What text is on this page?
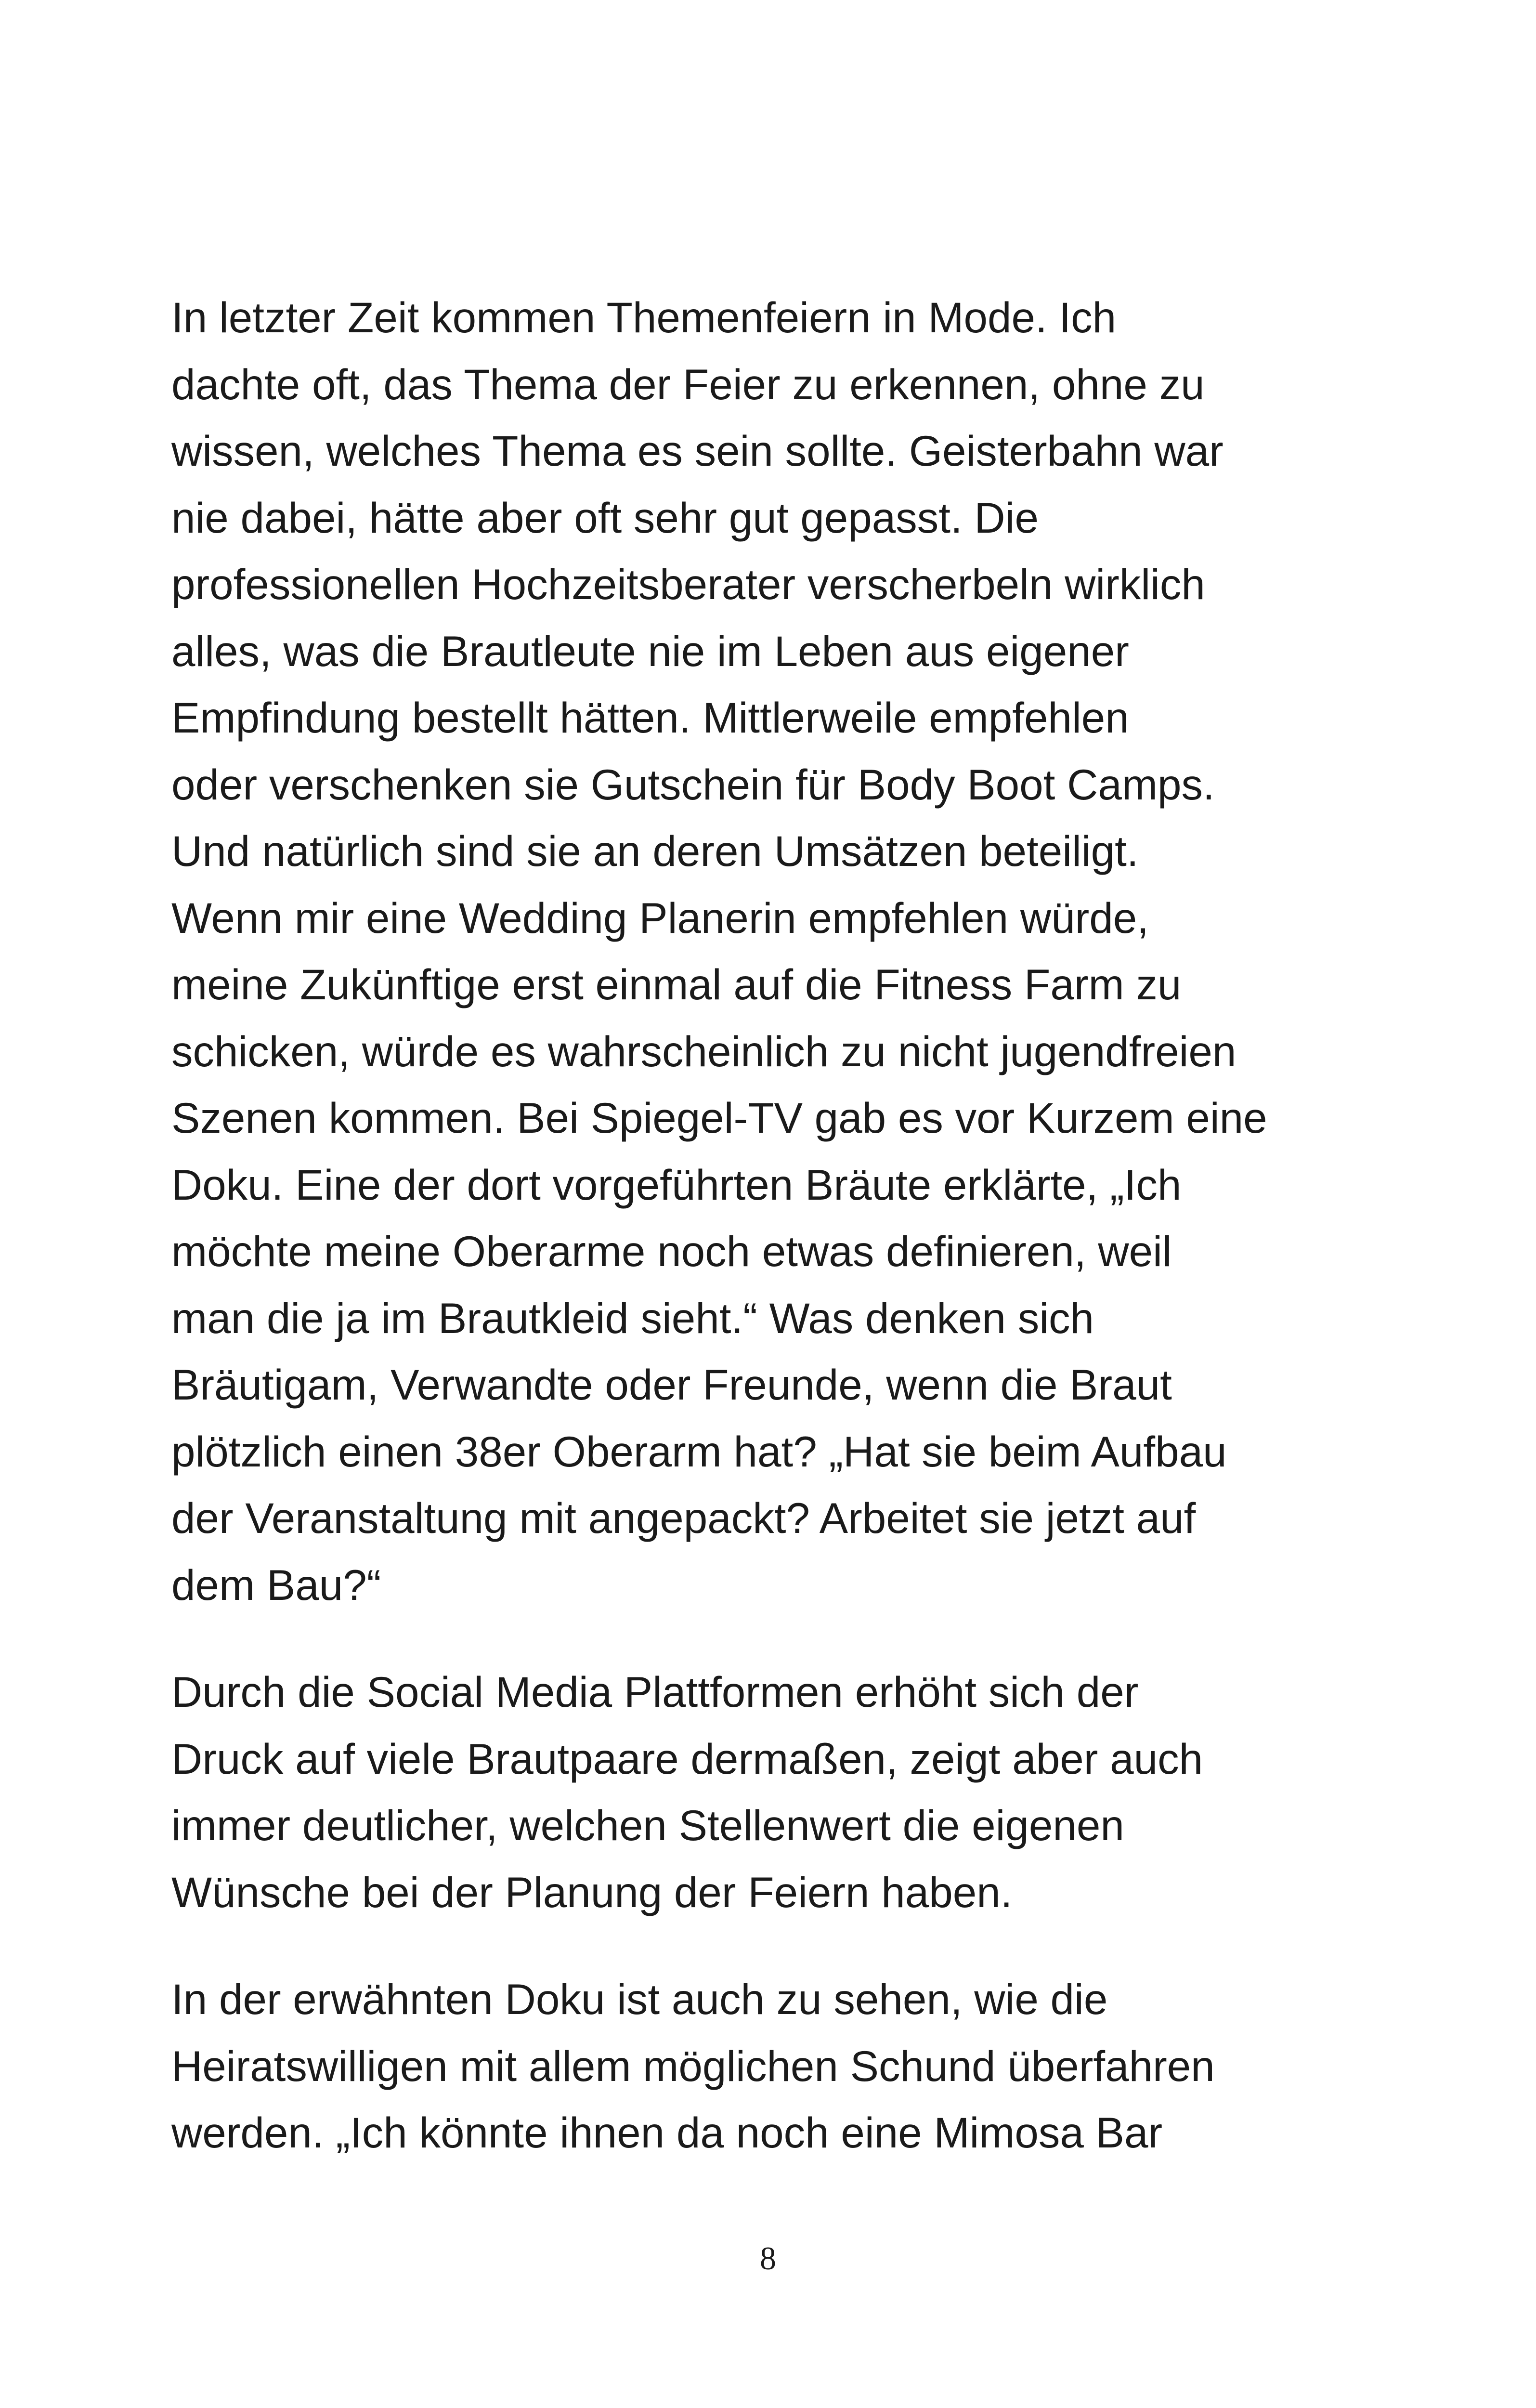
In letzter Zeit kommen Themenfeiern in Mode. Ich
dachte oft, das Thema der Feier zu erkennen, ohne zu
wissen, welches Thema es sein sollte. Geisterbahn war
nie dabei, hätte aber oft sehr gut gepasst. Die
professionellen Hochzeitsberater verscherbeln wirklich
alles, was die Brautleute nie im Leben aus eigener
Empfindung bestellt hätten. Mittlerweile empfehlen
oder verschenken sie Gutschein für Body Boot Camps.
Und natürlich sind sie an deren Umsätzen beteiligt.
Wenn mir eine Wedding Planerin empfehlen würde,
meine Zukünftige erst einmal auf die Fitness Farm zu
schicken, würde es wahrscheinlich zu nicht jugendfreien
Szenen kommen. Bei Spiegel-TV gab es vor Kurzem eine
Doku. Eine der dort vorgeführten Bräute erklärte, „Ich
möchte meine Oberarme noch etwas definieren, weil
man die ja im Brautkleid sieht.“ Was denken sich
Bräutigam, Verwandte oder Freunde, wenn die Braut
plötzlich einen 38er Oberarm hat? „Hat sie beim Aufbau
der Veranstaltung mit angepackt? Arbeitet sie jetzt auf
dem Bau?“
Durch die Social Media Plattformen erhöht sich der
Druck auf viele Brautpaare dermaßen, zeigt aber auch
immer deutlicher, welchen Stellenwert die eigenen
Wünsche bei der Planung der Feiern haben.
In der erwähnten Doku ist auch zu sehen, wie die
Heiratswilligen mit allem möglichen Schund überfahren
werden. „Ich könnte ihnen da noch eine Mimosa Bar
8
